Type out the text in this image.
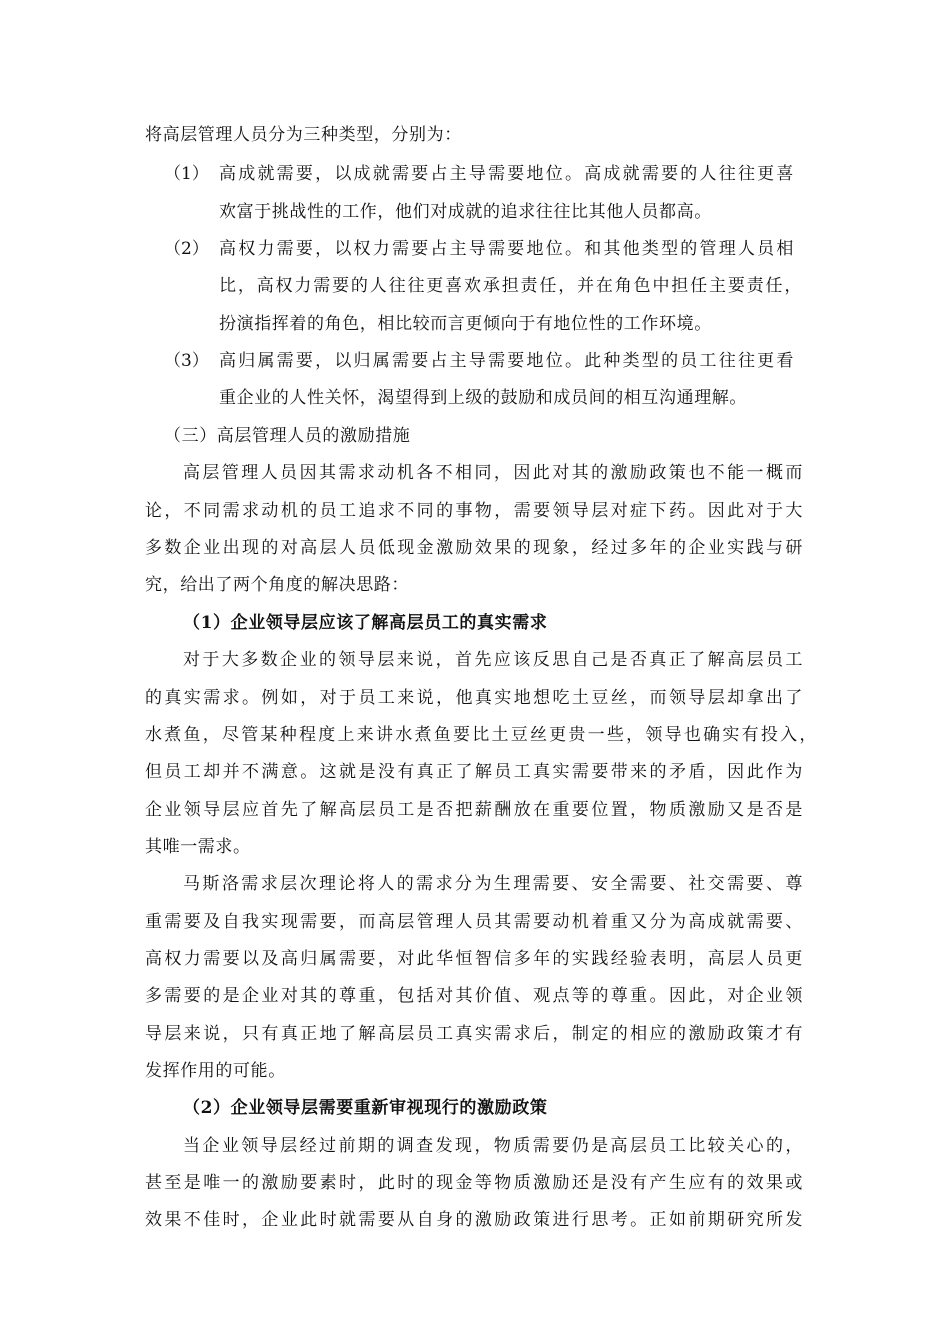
将高层管理人员分为三种类型，分别为：
（1） 高成就需要，以成就需要占主导需要地位。高成就需要的人往往更喜
欢富于挑战性的工作，他们对成就的追求往往比其他人员都高。
（2） 高权力需要，以权力需要占主导需要地位。和其他类型的管理人员相
比，高权力需要的人往往更喜欢承担责任，并在角色中担任主要责任，
扮演指挥着的角色，相比较而言更倾向于有地位性的工作环境。
（3） 高归属需要，以归属需要占主导需要地位。此种类型的员工往往更看
重企业的人性关怀，渴望得到上级的鼓励和成员间的相互沟通理解。
（三）高层管理人员的激励措施
高层管理人员因其需求动机各不相同，因此对其的激励政策也不能一概而
论，不同需求动机的员工追求不同的事物，需要领导层对症下药。因此对于大
多数企业出现的对高层人员低现金激励效果的现象，经过多年的企业实践与研
究，给出了两个角度的解决思路：
（1）企业领导层应该了解高层员工的真实需求
对于大多数企业的领导层来说，首先应该反思自己是否真正了解高层员工
的真实需求。例如，对于员工来说，他真实地想吃土豆丝，而领导层却拿出了
水煮鱼，尽管某种程度上来讲水煮鱼要比土豆丝更贵一些，领导也确实有投入，
但员工却并不满意。这就是没有真正了解员工真实需要带来的矛盾，因此作为
企业领导层应首先了解高层员工是否把薪酬放在重要位置，物质激励又是否是
其唯一需求。
马斯洛需求层次理论将人的需求分为生理需要、安全需要、社交需要、尊
重需要及自我实现需要，而高层管理人员其需要动机着重又分为高成就需要、
高权力需要以及高归属需要，对此华恒智信多年的实践经验表明，高层人员更
多需要的是企业对其的尊重，包括对其价值、观点等的尊重。因此，对企业领
导层来说，只有真正地了解高层员工真实需求后，制定的相应的激励政策才有
发挥作用的可能。
（2）企业领导层需要重新审视现行的激励政策
当企业领导层经过前期的调查发现，物质需要仍是高层员工比较关心的，
甚至是唯一的激励要素时，此时的现金等物质激励还是没有产生应有的效果或
效果不佳时，企业此时就需要从自身的激励政策进行思考。正如前期研究所发
